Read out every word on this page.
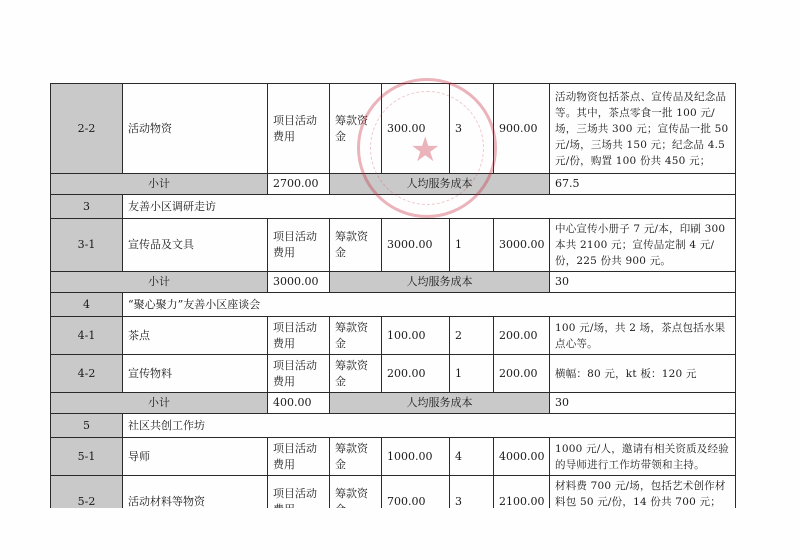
2-2	活动物资	项目活动费用	筹款资金	300.00	3	900.00	活动物资包括茶点、宣传品及纪念品等。其中，茶点零食一批 100 元/场，三场共 300 元；宣传品一批 50 元/场，三场共 150 元；纪念品 4.5 元/份，购置 100 份共 450 元；
小计		2700.00	人均服务成本				67.5
3	友善小区调研走访						
3-1	宣传品及文具	项目活动费用	筹款资金	3000.00	1	3000.00	中心宣传小册子 7 元/本，印刷 300 本共 2100 元；宣传品定制 4 元/份，225 份共 900 元。
小计		3000.00	人均服务成本				30
4	“聚心聚力”友善小区座谈会						
4-1	茶点	项目活动费用	筹款资金	100.00	2	200.00	100 元/场，共 2 场，茶点包括水果点心等。
4-2	宣传物料	项目活动费用	筹款资金	200.00	1	200.00	横幅：80 元，kt 板：120 元
小计		400.00	人均服务成本				30
5	社区共创工作坊						
5-1	导师	项目活动费用	筹款资金	1000.00	4	4000.00	1000 元/人，邀请有相关资质及经验的导师进行工作坊带领和主持。
5-2	活动材料等物资	项目活动	筹款资	700.00	3	2100.00	材料费 700 元/场，包括艺术创作材料包 50 元/份，14 份共 700 元；
★
